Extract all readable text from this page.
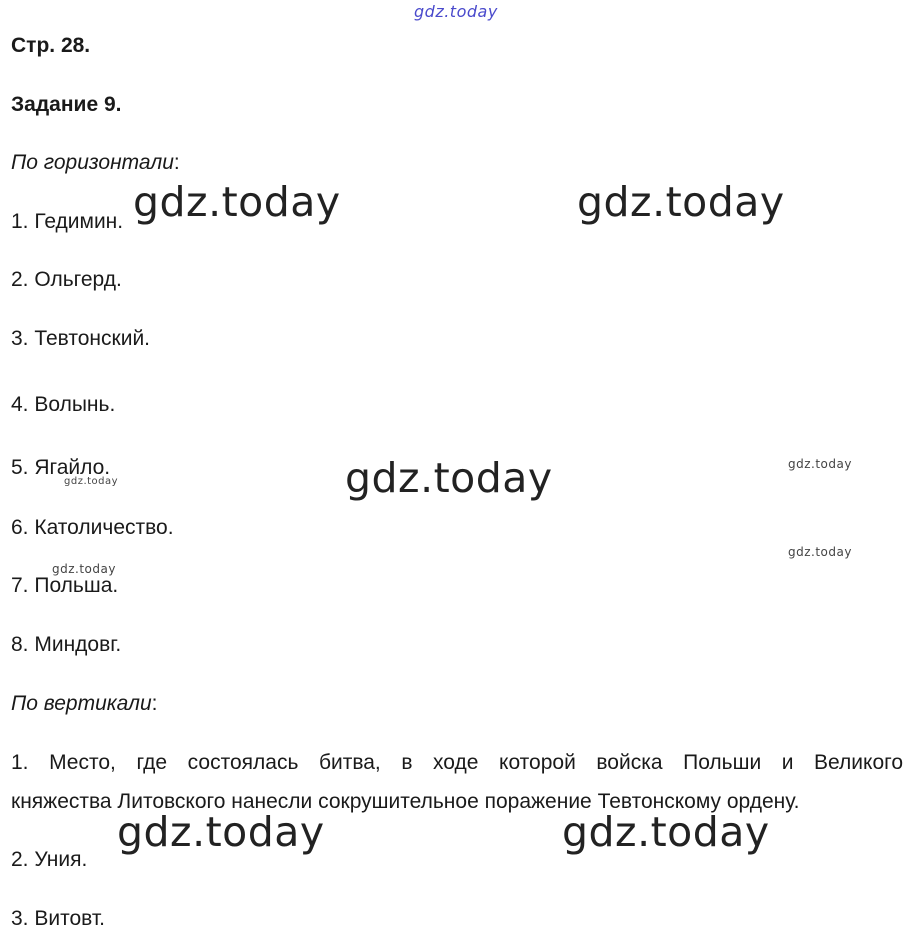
Стр. 28.
Задание 9.
По горизонтали:
1. Гедимин.
2. Ольгерд.
3. Тевтонский.
4. Волынь.
5. Ягайло.
6. Католичество.
7. Польша.
8. Миндовг.
По вертикали:
1. Место, где состоялась битва, в ходе которой войска Польши и Великого
княжества Литовского нанесли сокрушительное поражение Тевтонскому ордену.
2. Уния.
3. Витовт.
gdz.today
gdz.today	gdz.today
gdz.today
gdz.today	gdz.today
gdz.today
gdz.today
gdz.today
gdz.today
